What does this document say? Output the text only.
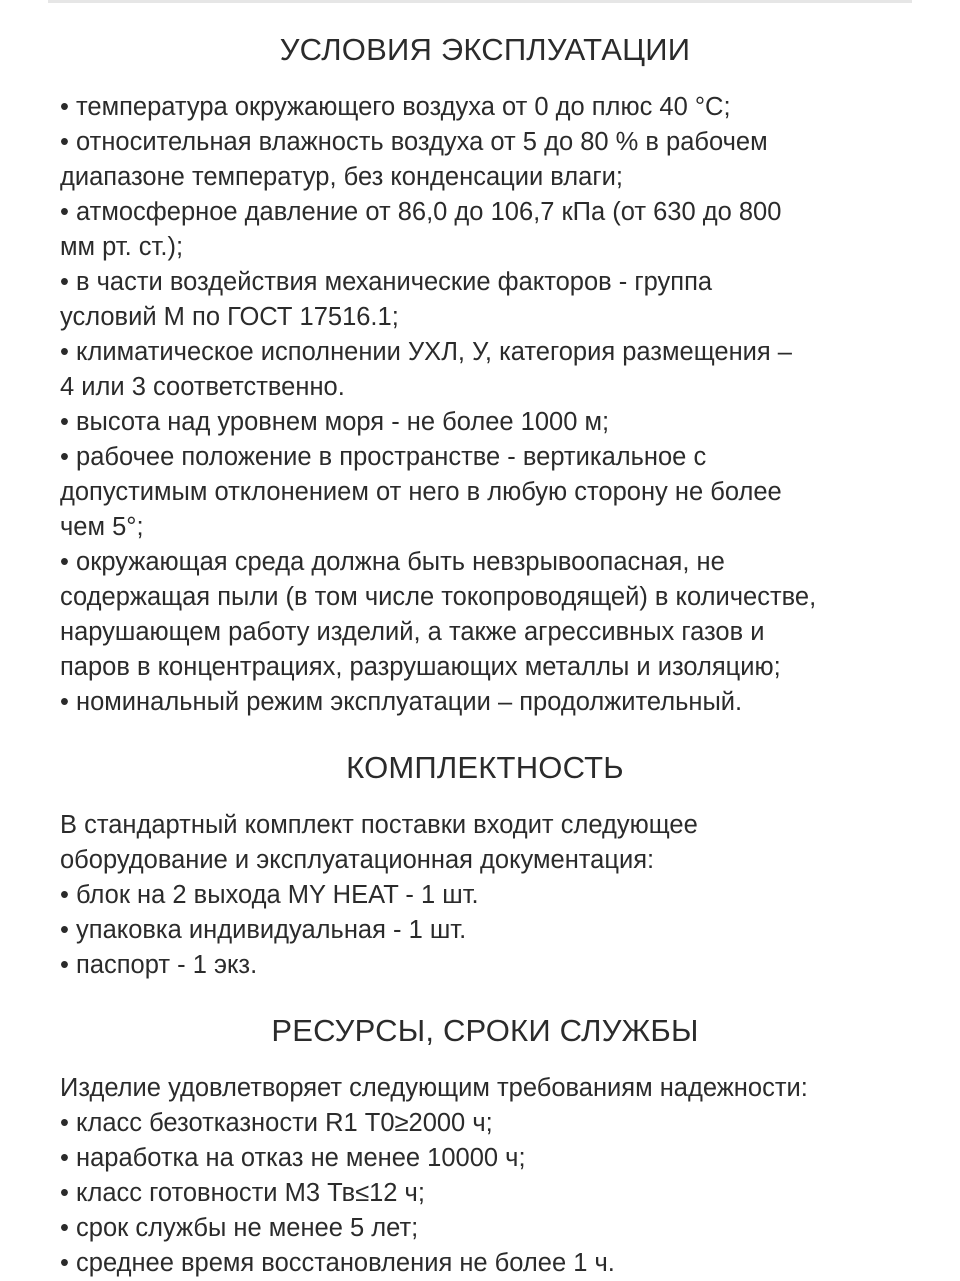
УСЛОВИЯ ЭКСПЛУАТАЦИИ

• температура окружающего воздуха от 0 до плюс 40 °С;

• относительная влажность воздуха от 5 до 80 % в рабочем

диапазоне температур, без конденсации влаги;

• атмосферное давление от 86,0 до 106,7 кПа (от 630 до 800

мм рт. ст.);

• в части воздействия механические факторов - группа

условий М по ГОСТ 17516.1;

• климатическое исполнении УХЛ, У, категория размещения –

4 или 3 соответственно.

• высота над уровнем моря - не более 1000 м;

• рабочее положение в пространстве - вертикальное с

допустимым отклонением от него в любую сторону не более

чем 5°;

• окружающая среда должна быть невзрывоопасная, не

содержащая пыли (в том числе токопроводящей) в количестве,

нарушающем работу изделий, а также агрессивных газов и

паров в концентрациях, разрушающих металлы и изоляцию;

• номинальный режим эксплуатации – продолжительный.

КОМПЛЕКТНОСТЬ

В стандартный комплект поставки входит следующее

оборудование и эксплуатационная документация:

• блок на 2 выхода MY HEAT - 1 шт.

• упаковка индивидуальная - 1 шт.

• паспорт - 1 экз.

РЕСУРСЫ, СРОКИ СЛУЖБЫ

Изделие удовлетворяет следующим требованиям надежности:

• класс безотказности R1 Т0≥2000 ч;

• наработка на отказ не менее 10000 ч;

• класс готовности М3 Тв≤12 ч;

• срок службы не менее 5 лет;

• среднее время восстановления не более 1 ч.
